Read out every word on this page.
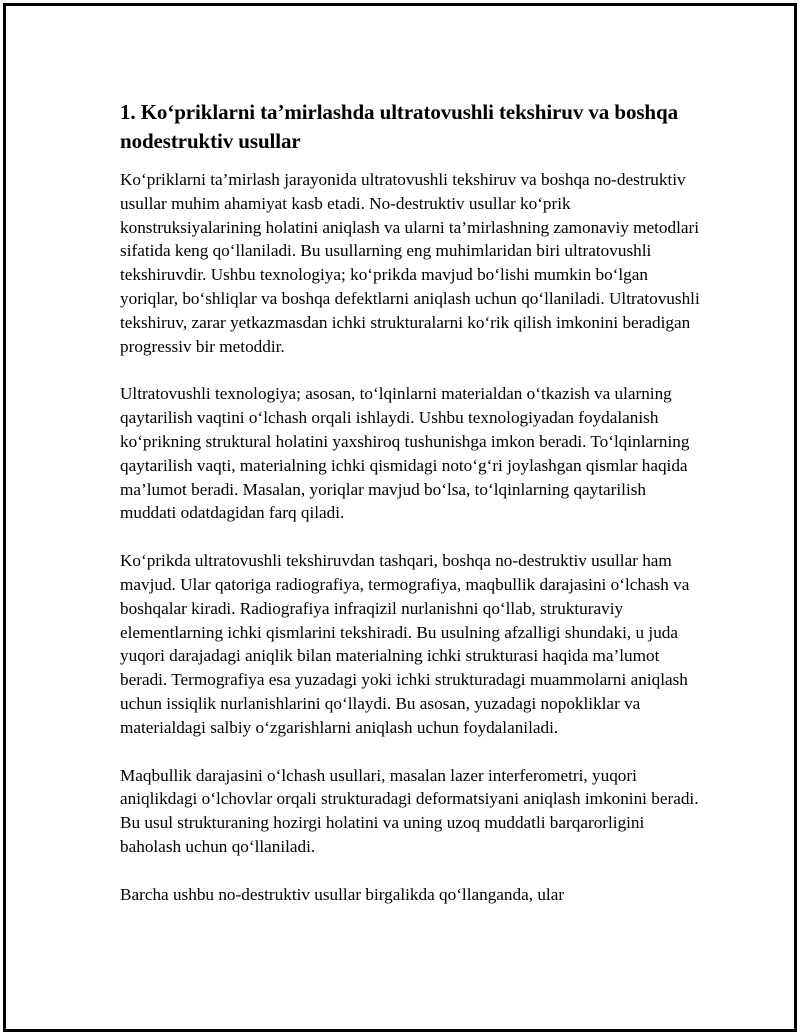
1. Ko‘priklarni ta’mirlashda ultratovushli tekshiruv va boshqa nodestruktiv usullar

Ko‘priklarni ta’mirlash jarayonida ultratovushli tekshiruv va boshqa no-destruktiv usullar muhim ahamiyat kasb etadi. No-destruktiv usullar ko‘prik konstruksiyalarining holatini aniqlash va ularni ta’mirlashning zamonaviy metodlari sifatida keng qo‘llaniladi. Bu usullarning eng muhimlaridan biri ultratovushli tekshiruvdir. Ushbu texnologiya; ko‘prikda mavjud bo‘lishi mumkin bo‘lgan yoriqlar, bo‘shliqlar va boshqa defektlarni aniqlash uchun qo‘llaniladi. Ultratovushli tekshiruv, zarar yetkazmasdan ichki strukturalarni ko‘rik qilish imkonini beradigan progressiv bir metoddir.

Ultratovushli texnologiya; asosan, to‘lqinlarni materialdan o‘tkazish va ularning qaytarilish vaqtini o‘lchash orqali ishlaydi. Ushbu texnologiyadan foydalanish ko‘prikning struktural holatini yaxshiroq tushunishga imkon beradi. To‘lqinlarning qaytarilish vaqti, materialning ichki qismidagi noto‘g‘ri joylashgan qismlar haqida ma’lumot beradi. Masalan, yoriqlar mavjud bo‘lsa, to‘lqinlarning qaytarilish muddati odatdagidan farq qiladi.

Ko‘prikda ultratovushli tekshiruvdan tashqari, boshqa no-destruktiv usullar ham mavjud. Ular qatoriga radiografiya, termografiya, maqbullik darajasini o‘lchash va boshqalar kiradi. Radiografiya infraqizil nurlanishni qo‘llab, strukturaviy elementlarning ichki qismlarini tekshiradi. Bu usulning afzalligi shundaki, u juda yuqori darajadagi aniqlik bilan materialning ichki strukturasi haqida ma’lumot beradi. Termografiya esa yuzadagi yoki ichki strukturadagi muammolarni aniqlash uchun issiqlik nurlanishlarini qo‘llaydi. Bu asosan, yuzadagi nopokliklar va materialdagi salbiy o‘zgarishlarni aniqlash uchun foydalaniladi.

Maqbullik darajasini o‘lchash usullari, masalan lazer interferometri, yuqori aniqlikdagi o‘lchovlar orqali strukturadagi deformatsiyani aniqlash imkonini beradi. Bu usul strukturaning hozirgi holatini va uning uzoq muddatli barqarorligini baholash uchun qo‘llaniladi.

Barcha ushbu no-destruktiv usullar birgalikda qo‘llanganda, ular
